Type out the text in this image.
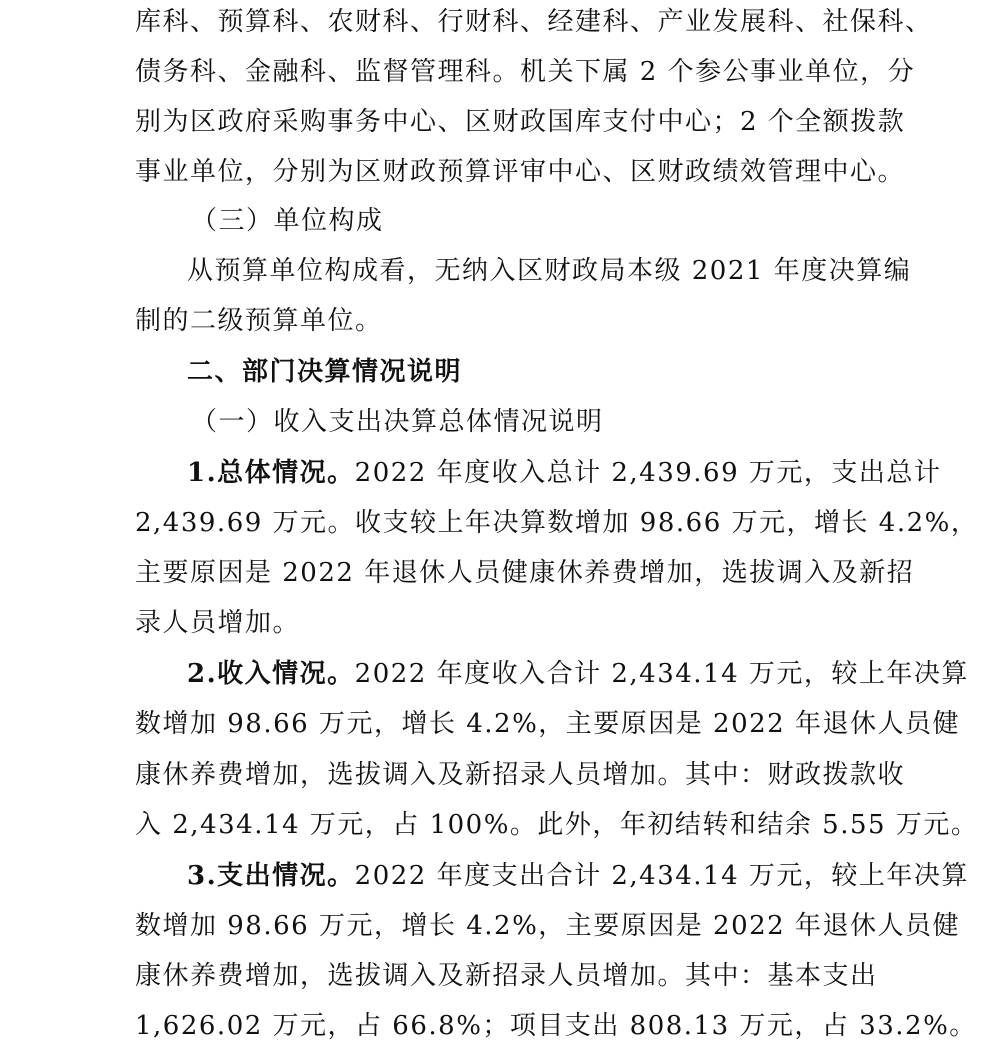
库科、预算科、农财科、行财科、经建科、产业发展科、社保科、
债务科、金融科、监督管理科。机关下属 2 个参公事业单位，分
别为区政府采购事务中心、区财政国库支付中心；2 个全额拨款
事业单位，分别为区财政预算评审中心、区财政绩效管理中心。
（三）单位构成
从预算单位构成看，无纳入区财政局本级 2021 年度决算编
制的二级预算单位。
二、部门决算情况说明
（一）收入支出决算总体情况说明
1.总体情况。2022 年度收入总计 2,439.69 万元，支出总计
2,439.69 万元。收支较上年决算数增加 98.66 万元，增长 4.2%，
主要原因是 2022 年退休人员健康休养费增加，选拔调入及新招
录人员增加。
2.收入情况。2022 年度收入合计 2,434.14 万元，较上年决算
数增加 98.66 万元，增长 4.2%，主要原因是 2022 年退休人员健
康休养费增加，选拔调入及新招录人员增加。其中：财政拨款收
入 2,434.14 万元，占 100%。此外，年初结转和结余 5.55 万元。
3.支出情况。2022 年度支出合计 2,434.14 万元，较上年决算
数增加 98.66 万元，增长 4.2%，主要原因是 2022 年退休人员健
康休养费增加，选拔调入及新招录人员增加。其中：基本支出
1,626.02 万元，占 66.8%；项目支出 808.13 万元，占 33.2%。
